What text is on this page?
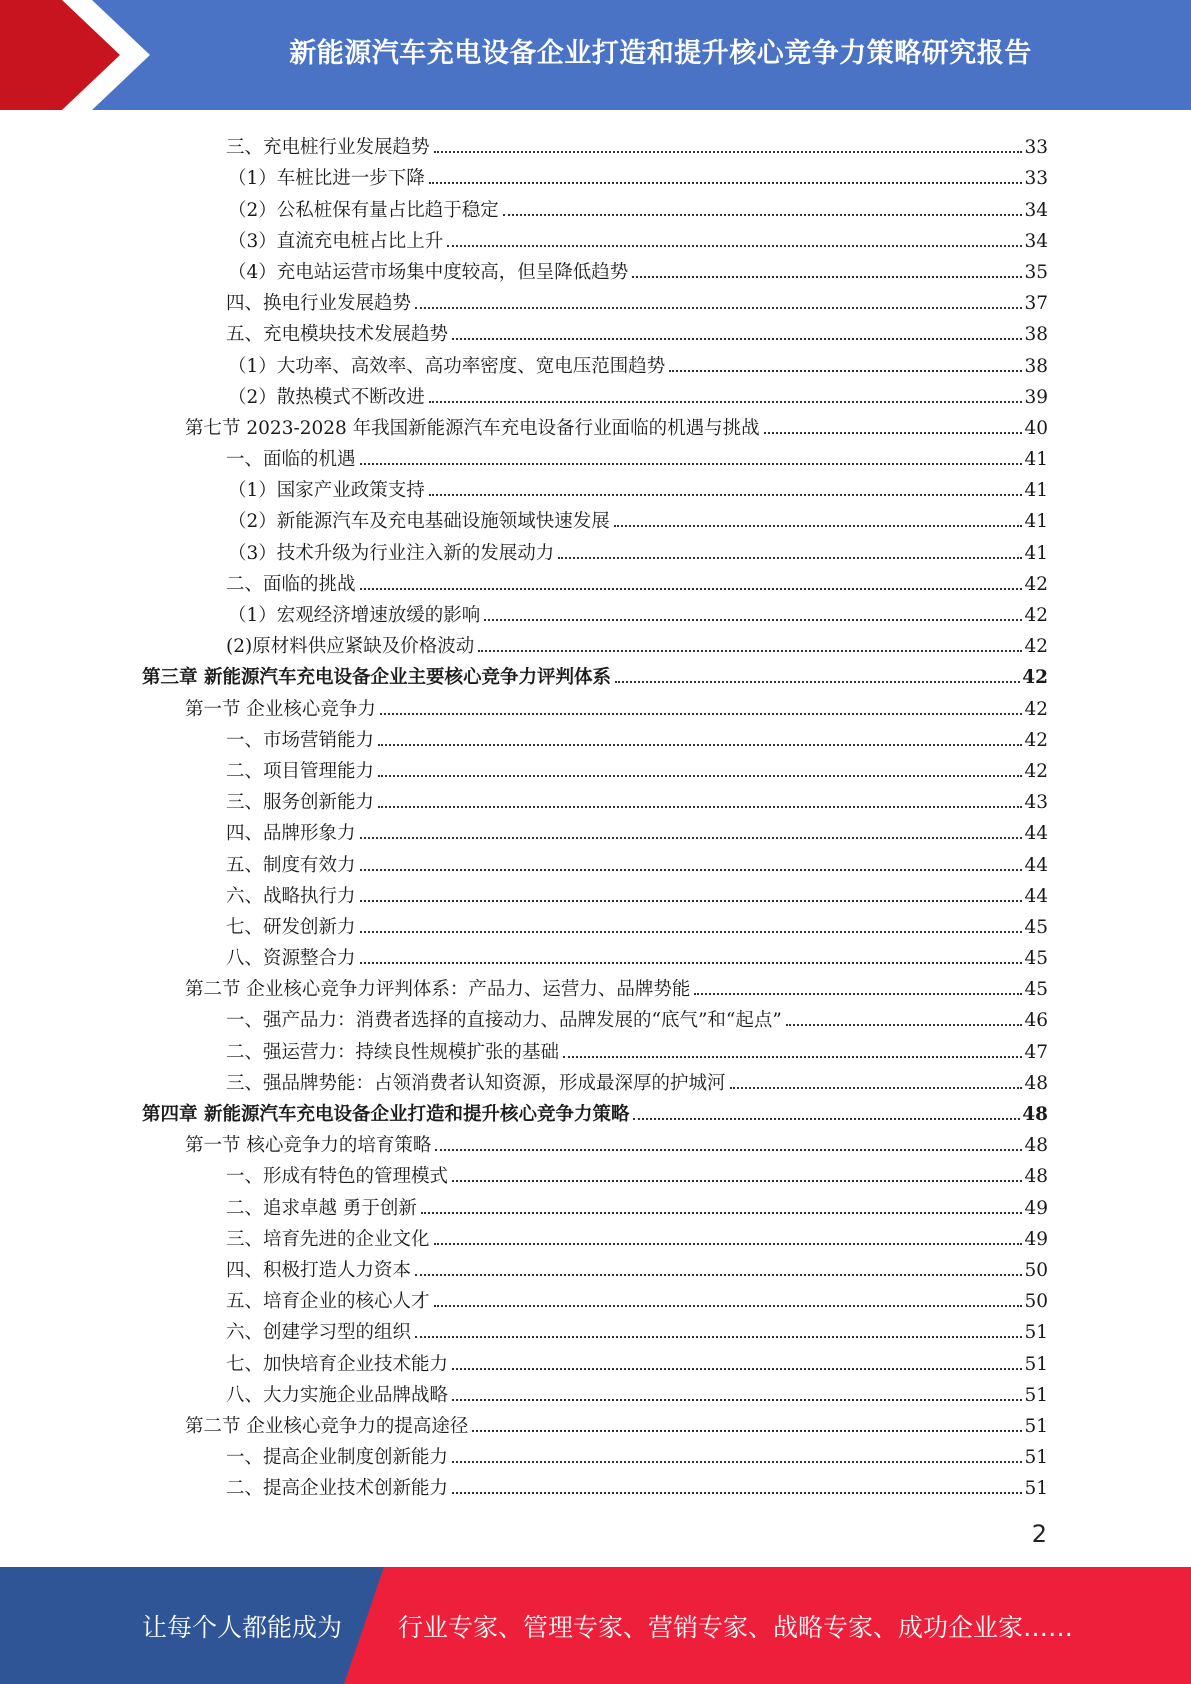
新能源汽车充电设备企业打造和提升核心竞争力策略研究报告
三、充电桩行业发展趋势	33
（1）车桩比进一步下降	33
（2）公私桩保有量占比趋于稳定	34
（3）直流充电桩占比上升	34
（4）充电站运营市场集中度较高，但呈降低趋势	35
四、换电行业发展趋势	37
五、充电模块技术发展趋势	38
（1）大功率、高效率、高功率密度、宽电压范围趋势	38
（2）散热模式不断改进	39
第七节 2023-2028 年我国新能源汽车充电设备行业面临的机遇与挑战	40
一、面临的机遇	41
（1）国家产业政策支持	41
（2）新能源汽车及充电基础设施领域快速发展	41
（3）技术升级为行业注入新的发展动力	41
二、面临的挑战	42
（1）宏观经济增速放缓的影响	42
(2)原材料供应紧缺及价格波动	42
第三章 新能源汽车充电设备企业主要核心竞争力评判体系	42
第一节 企业核心竞争力	42
一、市场营销能力	42
二、项目管理能力	42
三、服务创新能力	43
四、品牌形象力	44
五、制度有效力	44
六、战略执行力	44
七、研发创新力	45
八、资源整合力	45
第二节 企业核心竞争力评判体系：产品力、运营力、品牌势能	45
一、强产品力：消费者选择的直接动力、品牌发展的“底气”和“起点”	46
二、强运营力：持续良性规模扩张的基础	47
三、强品牌势能：占领消费者认知资源，形成最深厚的护城河	48
第四章 新能源汽车充电设备企业打造和提升核心竞争力策略	48
第一节 核心竞争力的培育策略	48
一、形成有特色的管理模式	48
二、追求卓越 勇于创新	49
三、培育先进的企业文化	49
四、积极打造人力资本	50
五、培育企业的核心人才	50
六、创建学习型的组织	51
七、加快培育企业技术能力	51
八、大力实施企业品牌战略	51
第二节 企业核心竞争力的提高途径	51
一、提高企业制度创新能力	51
二、提高企业技术创新能力	51
2
让每个人都能成为 行业专家、管理专家、营销专家、战略专家、成功企业家……
